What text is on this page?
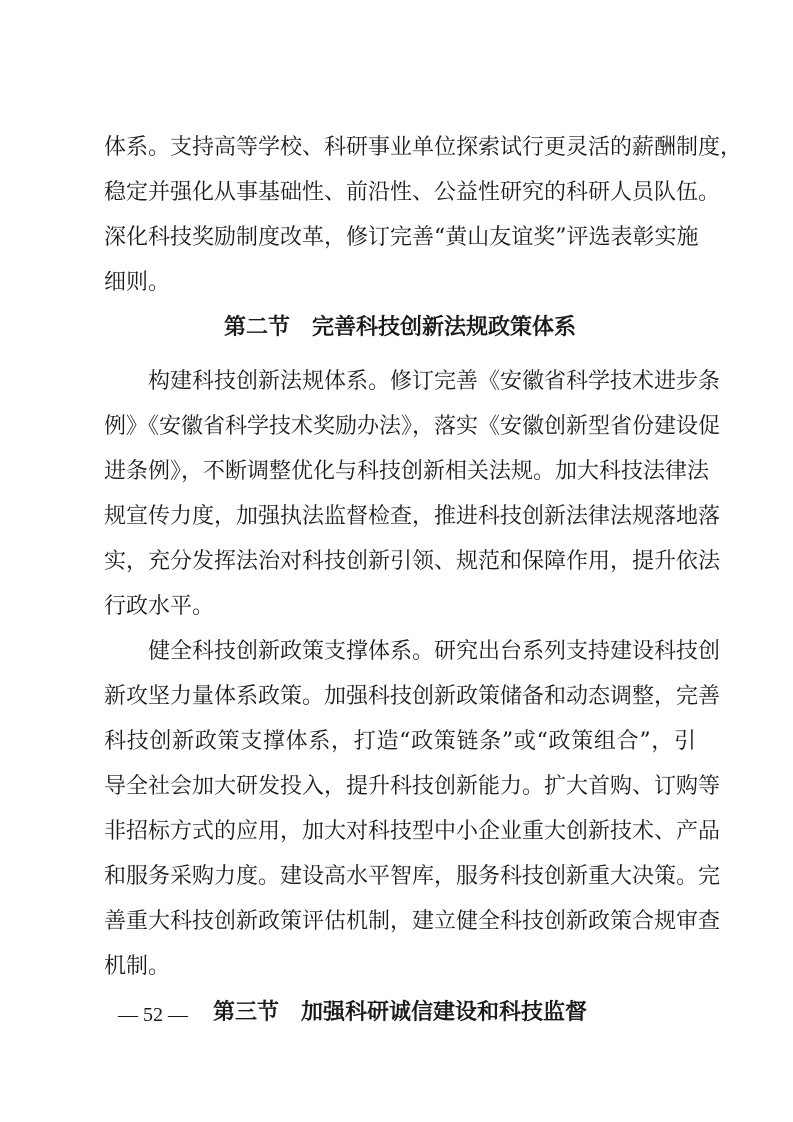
体系。支持高等学校、科研事业单位探索试行更灵活的薪酬制度，
稳定并强化从事基础性、前沿性、公益性研究的科研人员队伍。
深化科技奖励制度改革，修订完善“黄山友谊奖”评选表彰实施
细则。
第二节 完善科技创新法规政策体系
构建科技创新法规体系。修订完善《安徽省科学技术进步条
例》《安徽省科学技术奖励办法》，落实《安徽创新型省份建设促
进条例》，不断调整优化与科技创新相关法规。加大科技法律法
规宣传力度，加强执法监督检查，推进科技创新法律法规落地落
实，充分发挥法治对科技创新引领、规范和保障作用，提升依法
行政水平。
健全科技创新政策支撑体系。研究出台系列支持建设科技创
新攻坚力量体系政策。加强科技创新政策储备和动态调整，完善
科技创新政策支撑体系，打造“政策链条”或“政策组合”，引
导全社会加大研发投入，提升科技创新能力。扩大首购、订购等
非招标方式的应用，加大对科技型中小企业重大创新技术、产品
和服务采购力度。建设高水平智库，服务科技创新重大决策。完
善重大科技创新政策评估机制，建立健全科技创新政策合规审查
机制。
第三节 加强科研诚信建设和科技监督
— 52 —
